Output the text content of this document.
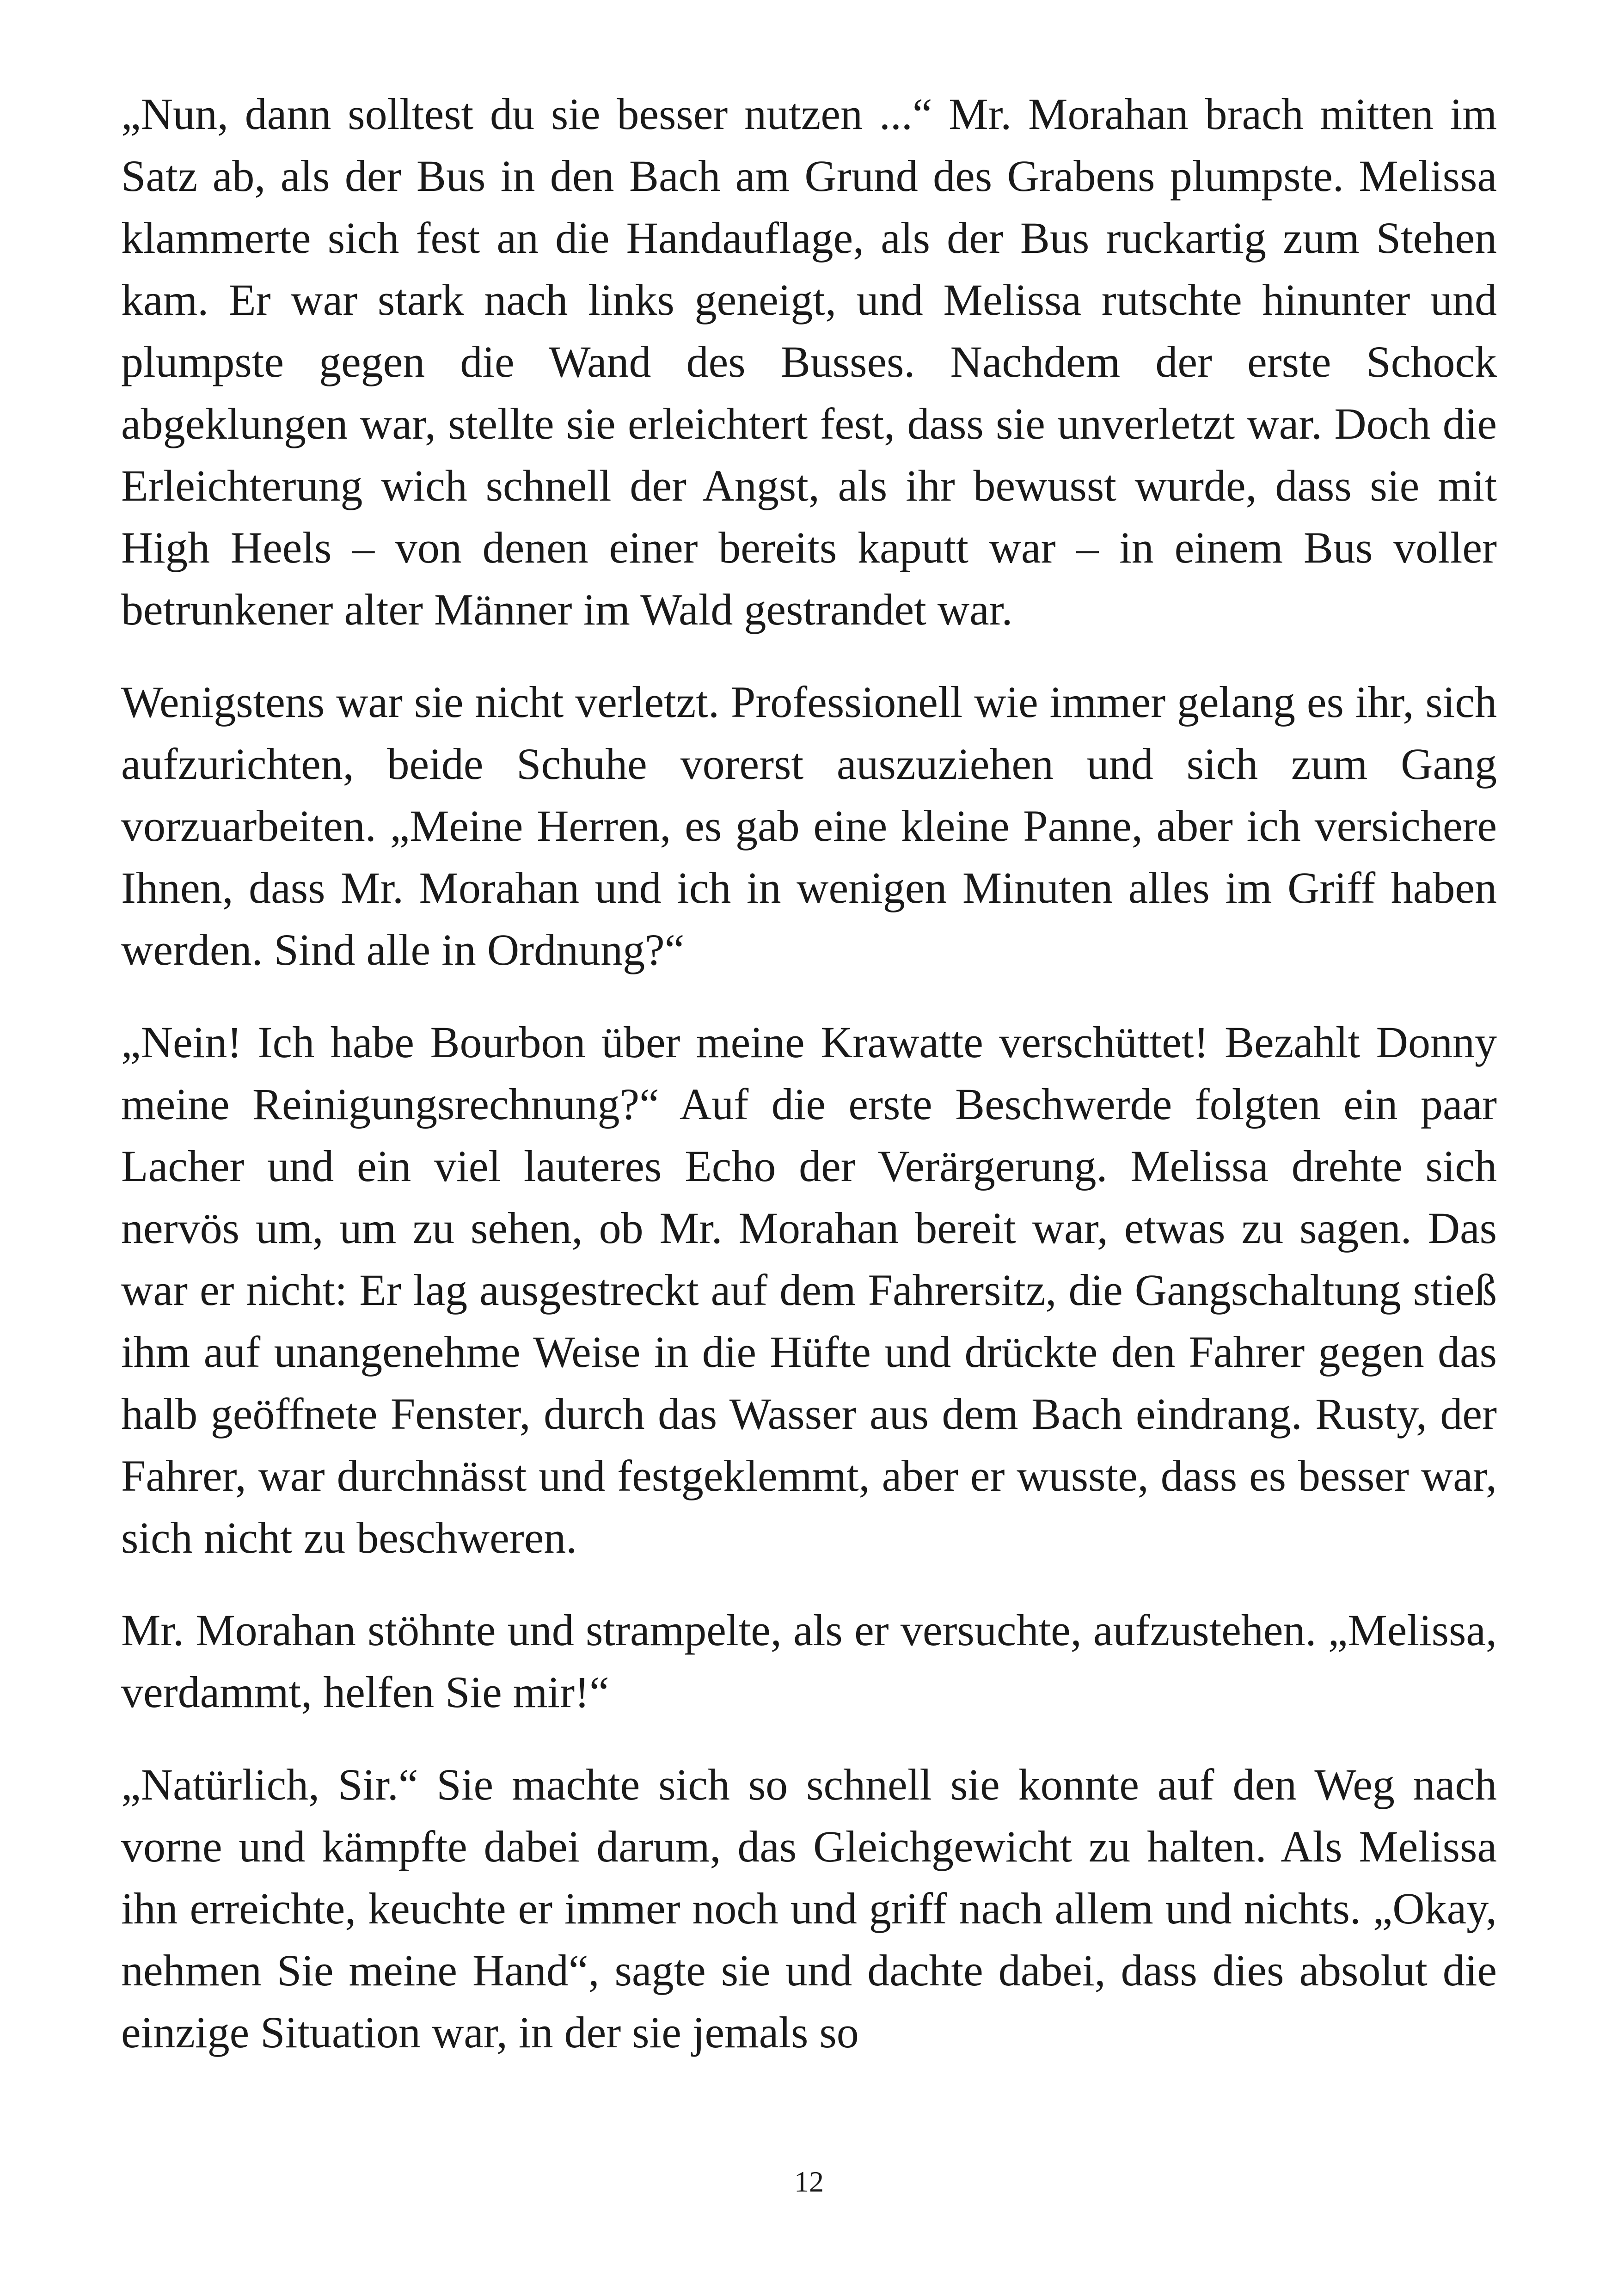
„Nun, dann solltest du sie besser nutzen ...“ Mr. Morahan brach mitten im Satz ab, als der Bus in den Bach am Grund des Grabens plumpste. Melissa klammerte sich fest an die Handauflage, als der Bus ruckartig zum Stehen kam. Er war stark nach links geneigt, und Melissa rutschte hinunter und plumpste gegen die Wand des Busses. Nachdem der erste Schock abgeklungen war, stellte sie erleichtert fest, dass sie unverletzt war. Doch die Erleichterung wich schnell der Angst, als ihr bewusst wurde, dass sie mit High Heels – von denen einer bereits kaputt war – in einem Bus voller betrunkener alter Männer im Wald gestrandet war.

Wenigstens war sie nicht verletzt. Professionell wie immer gelang es ihr, sich aufzurichten, beide Schuhe vorerst auszuziehen und sich zum Gang vorzuarbeiten. „Meine Herren, es gab eine kleine Panne, aber ich versichere Ihnen, dass Mr. Morahan und ich in wenigen Minuten alles im Griff haben werden. Sind alle in Ordnung?“

„Nein! Ich habe Bourbon über meine Krawatte verschüttet! Bezahlt Donny meine Reinigungsrechnung?“ Auf die erste Beschwerde folgten ein paar Lacher und ein viel lauteres Echo der Verärgerung. Melissa drehte sich nervös um, um zu sehen, ob Mr. Morahan bereit war, etwas zu sagen. Das war er nicht: Er lag ausgestreckt auf dem Fahrersitz, die Gangschaltung stieß ihm auf unangenehme Weise in die Hüfte und drückte den Fahrer gegen das halb geöffnete Fenster, durch das Wasser aus dem Bach eindrang. Rusty, der Fahrer, war durchnässt und festgeklemmt, aber er wusste, dass es besser war, sich nicht zu beschweren.

Mr. Morahan stöhnte und strampelte, als er versuchte, aufzustehen. „Melissa, verdammt, helfen Sie mir!“

„Natürlich, Sir.“ Sie machte sich so schnell sie konnte auf den Weg nach vorne und kämpfte dabei darum, das Gleichgewicht zu halten. Als Melissa ihn erreichte, keuchte er immer noch und griff nach allem und nichts. „Okay, nehmen Sie meine Hand“, sagte sie und dachte dabei, dass dies absolut die einzige Situation war, in der sie jemals so

12
